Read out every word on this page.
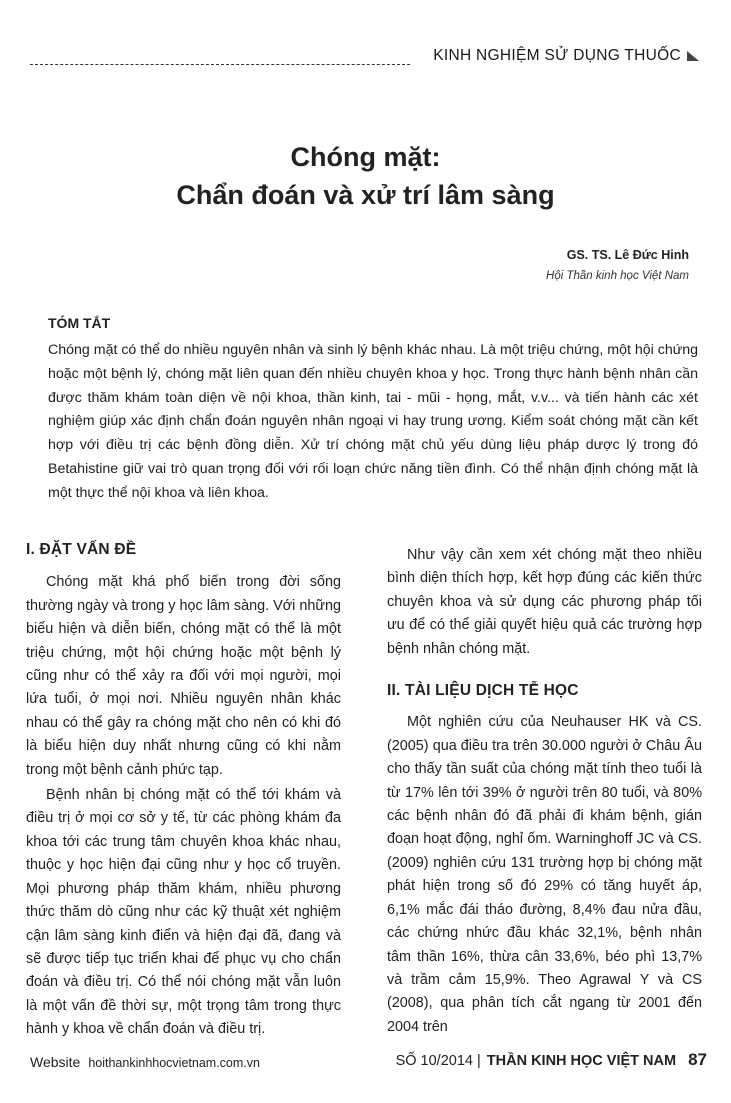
KINH NGHIỆM SỬ DỤNG THUỐC
Chóng mặt:
Chẩn đoán và xử trí lâm sàng
GS. TS. Lê Đức Hinh
Hội Thần kinh học Việt Nam
TÓM TẮT
Chóng mặt có thể do nhiều nguyên nhân và sinh lý bệnh khác nhau. Là một triệu chứng, một hội chứng hoặc một bệnh lý, chóng mặt liên quan đến nhiều chuyên khoa y học. Trong thực hành bệnh nhân cần được thăm khám toàn diện về nội khoa, thần kinh, tai - mũi - họng, mắt, v.v... và tiến hành các xét nghiệm giúp xác định chẩn đoán nguyên nhân ngoại vi hay trung ương. Kiểm soát chóng mặt cần kết hợp với điều trị các bệnh đồng diễn. Xử trí chóng mặt chủ yếu dùng liệu pháp dược lý trong đó Betahistine giữ vai trò quan trọng đối với rối loạn chức năng tiền đình. Có thể nhận định chóng mặt là một thực thể nội khoa và liên khoa.
I. ĐẶT VẤN ĐỀ

Chóng mặt khá phổ biến trong đời sống thường ngày và trong y học lâm sàng. Với những biểu hiện và diễn biến, chóng mặt có thể là một triệu chứng, một hội chứng hoặc một bệnh lý cũng như có thể xảy ra đối với mọi người, mọi lứa tuổi, ở mọi nơi. Nhiều nguyên nhân khác nhau có thể gây ra chóng mặt cho nên có khi đó là biểu hiện duy nhất nhưng cũng có khi nằm trong một bệnh cảnh phức tạp.

Bệnh nhân bị chóng mặt có thể tới khám và điều trị ở mọi cơ sở y tế, từ các phòng khám đa khoa tới các trung tâm chuyên khoa khác nhau, thuộc y học hiện đại cũng như y học cổ truyền. Mọi phương pháp thăm khám, nhiều phương thức thăm dò cũng như các kỹ thuật xét nghiệm cận lâm sàng kinh điển và hiện đại đã, đang và sẽ được tiếp tục triển khai để phục vụ cho chẩn đoán và điều trị. Có thể nói chóng mặt vẫn luôn là một vấn đề thời sự, một trọng tâm trong thực hành y khoa về chẩn đoán và điều trị.

Như vậy cần xem xét chóng mặt theo nhiều bình diện thích hợp, kết hợp đúng các kiến thức chuyên khoa và sử dụng các phương pháp tối ưu để có thể giải quyết hiệu quả các trường hợp bệnh nhân chóng mặt.

II. TÀI LIỆU DỊCH TỄ HỌC

Một nghiên cứu của Neuhauser HK và CS. (2005) qua điều tra trên 30.000 người ở Châu Âu cho thấy tần suất của chóng mặt tính theo tuổi là từ 17% lên tới 39% ở người trên 80 tuổi, và 80% các bệnh nhân đó đã phải đi khám bệnh, gián đoạn hoạt động, nghỉ ốm. Warninghoff JC và CS. (2009) nghiên cứu 131 trường hợp bị chóng mặt phát hiện trong số đó 29% có tăng huyết áp, 6,1% mắc đái tháo đường, 8,4% đau nửa đầu, các chứng nhức đầu khác 32,1%, bệnh nhân tâm thần 16%, thừa cân 33,6%, béo phì 13,7% và trầm cảm 15,9%. Theo Agrawal Y và CS (2008), qua phân tích cắt ngang từ 2001 đến 2004 trên

Website hoithankinhhocvietnam.com.vn	SỐ 10/2014 | THẦN KINH HỌC VIỆT NAM 87
